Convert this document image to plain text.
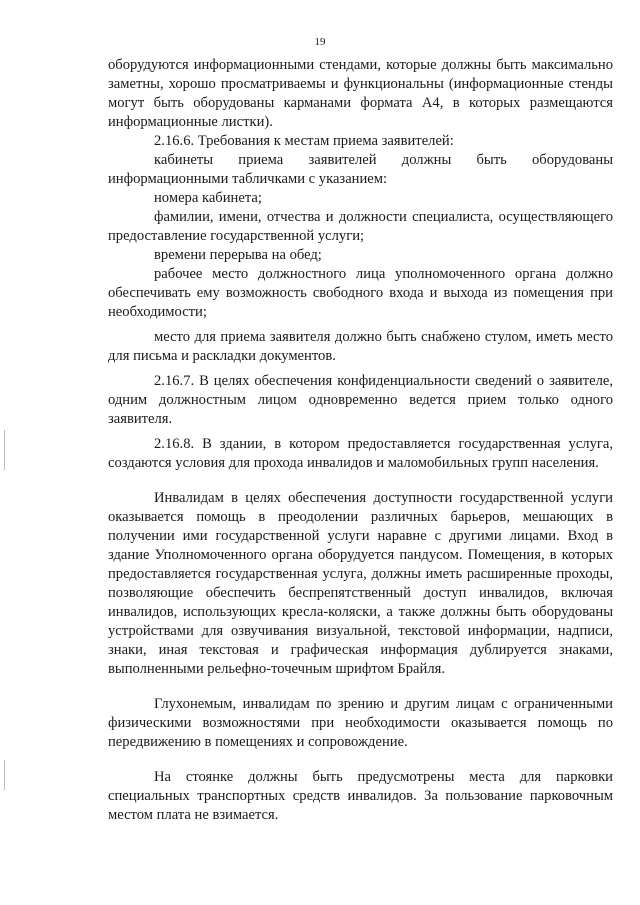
19

оборудуются информационными стендами, которые должны быть максимально заметны, хорошо просматриваемы и функциональны (информационные стенды могут быть оборудованы карманами формата А4, в которых размещаются информационные листки).

2.16.6. Требования к местам приема заявителей:

кабинеты приема заявителей должны быть оборудованы информационными табличками с указанием:

номера кабинета;

фамилии, имени, отчества и должности специалиста, осуществляющего предоставление государственной услуги;

времени перерыва на обед;

рабочее место должностного лица уполномоченного органа должно обеспечивать ему возможность свободного входа и выхода из помещения при необходимости;

место для приема заявителя должно быть снабжено стулом, иметь место для письма и раскладки документов.

2.16.7. В целях обеспечения конфиденциальности сведений о заявителе, одним должностным лицом одновременно ведется прием только одного заявителя.

2.16.8. В здании, в котором предоставляется государственная услуга, создаются условия для прохода инвалидов и маломобильных групп населения.

Инвалидам в целях обеспечения доступности государственной услуги оказывается помощь в преодолении различных барьеров, мешающих в получении ими государственной услуги наравне с другими лицами. Вход в здание Уполномоченного органа оборудуется пандусом. Помещения, в которых предоставляется государственная услуга, должны иметь расширенные проходы, позволяющие обеспечить беспрепятственный доступ инвалидов, включая инвалидов, использующих кресла-коляски, а также должны быть оборудованы устройствами для озвучивания визуальной, текстовой информации, надписи, знаки, иная текстовая и графическая информация дублируется знаками, выполненными рельефно-точечным шрифтом Брайля.

Глухонемым, инвалидам по зрению и другим лицам с ограниченными физическими возможностями при необходимости оказывается помощь по передвижению в помещениях и сопровождение.

На стоянке должны быть предусмотрены места для парковки специальных транспортных средств инвалидов. За пользование парковочным местом плата не взимается.
